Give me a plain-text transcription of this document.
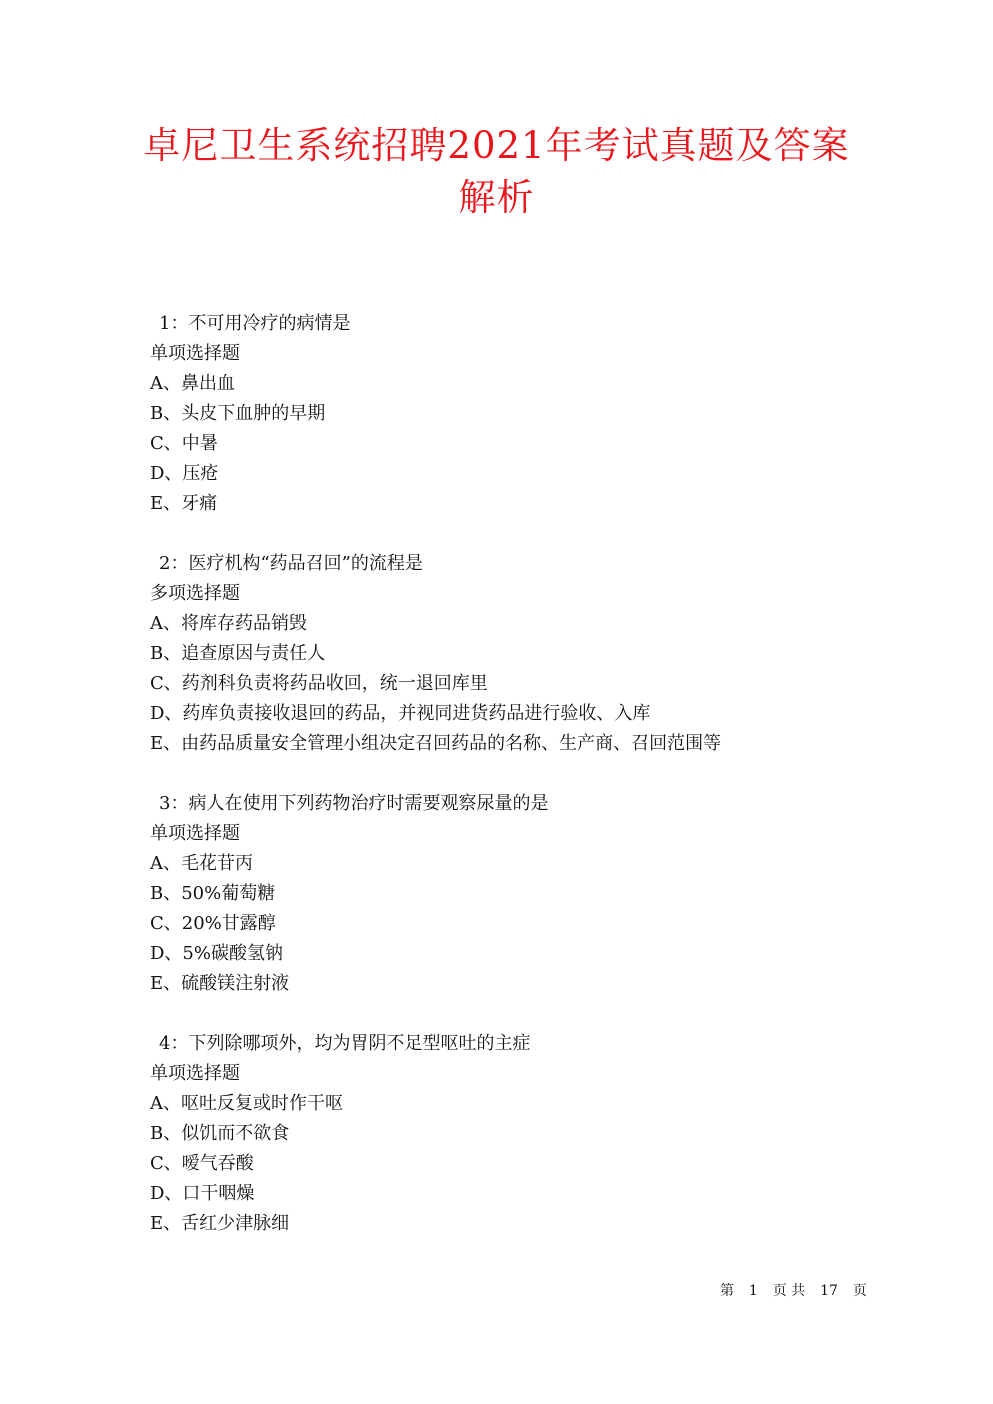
卓尼卫生系统招聘2021年考试真题及答案
解析
1：不可用冷疗的病情是
单项选择题
A、鼻出血
B、头皮下血肿的早期
C、中暑
D、压疮
E、牙痛
2：医疗机构“药品召回”的流程是
多项选择题
A、将库存药品销毁
B、追查原因与责任人
C、药剂科负责将药品收回，统一退回库里
D、药库负责接收退回的药品，并视同进货药品进行验收、入库
E、由药品质量安全管理小组决定召回药品的名称、生产商、召回范围等
3：病人在使用下列药物治疗时需要观察尿量的是
单项选择题
A、毛花苷丙
B、50%葡萄糖
C、20%甘露醇
D、5%碳酸氢钠
E、硫酸镁注射液
4：下列除哪项外，均为胃阴不足型呕吐的主症
单项选择题
A、呕吐反复或时作干呕
B、似饥而不欲食
C、嗳气吞酸
D、口干咽燥
E、舌红少津脉细
第 1 页 共 17 页
